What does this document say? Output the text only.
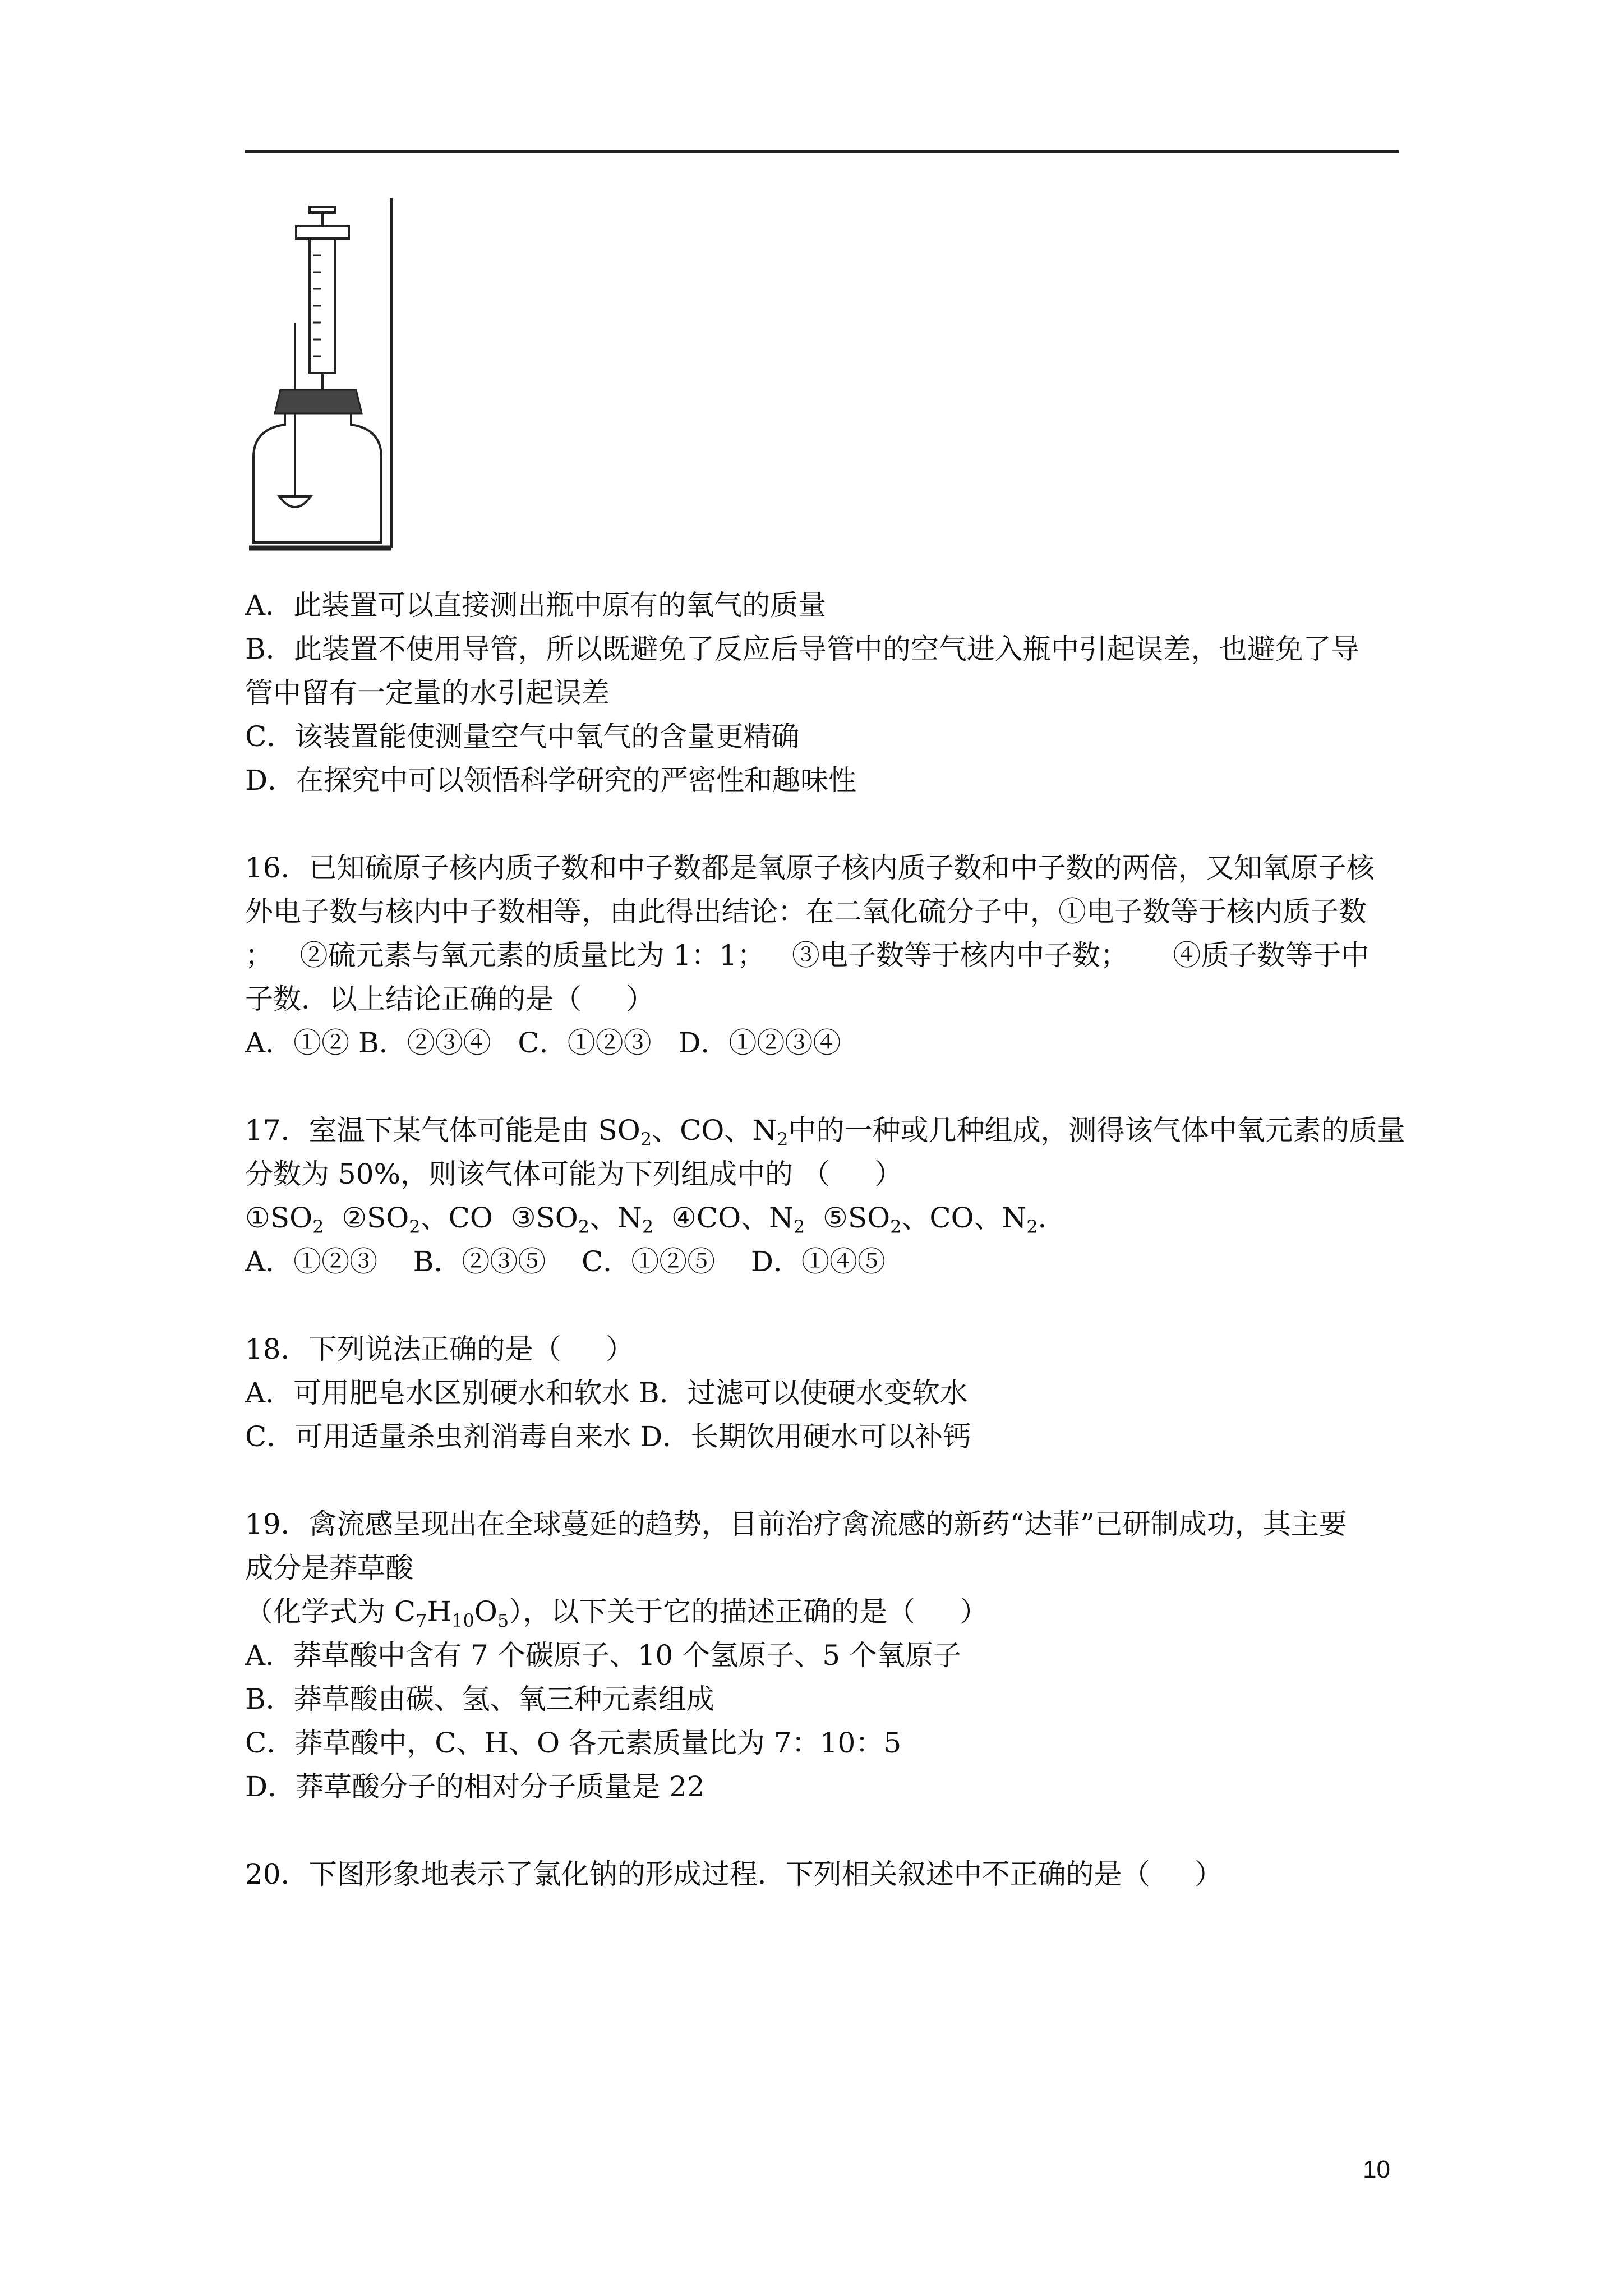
A．此装置可以直接测出瓶中原有的氧气的质量
B．此装置不使用导管，所以既避免了反应后导管中的空气进入瓶中引起误差，也避免了导
管中留有一定量的水引起误差
C．该装置能使测量空气中氧气的含量更精确
D．在探究中可以领悟科学研究的严密性和趣味性
16．已知硫原子核内质子数和中子数都是氧原子核内质子数和中子数的两倍，又知氧原子核
外电子数与核内中子数相等，由此得出结论：在二氧化硫分子中，①电子数等于核内质子数
；   ②硫元素与氧元素的质量比为 1：1；   ③电子数等于核内中子数；     ④质子数等于中
子数．以上结论正确的是（     ）
A．①② B．②③④   C．①②③   D．①②③④
17．室温下某气体可能是由 $SO_2$、CO、$N_2$中的一种或几种组成，测得该气体中氧元素的质量
分数为 50%，则该气体可能为下列组成中的 （     ）
$①SO_2$  $②SO_2$、CO  $③SO_2$、$N_2$  ④CO、$N_2$  $⑤SO_2$、CO、$N_2$．
A．①②③    B．②③⑤    C．①②⑤    D．①④⑤
18．下列说法正确的是（     ）
A．可用肥皂水区别硬水和软水 B．过滤可以使硬水变软水
C．可用适量杀虫剂消毒自来水 D．长期饮用硬水可以补钙
19．禽流感呈现出在全球蔓延的趋势，目前治疗禽流感的新药“达菲”已研制成功，其主要
成分是莽草酸
（化学式为 $C_7H_{10}O_5$），以下关于它的描述正确的是（     ）
A．莽草酸中含有 7 个碳原子、10 个氢原子、5 个氧原子
B．莽草酸由碳、氢、氧三种元素组成
C．莽草酸中，C、H、O 各元素质量比为 7：10：5
D．莽草酸分子的相对分子质量是 22
20．下图形象地表示了氯化钠的形成过程．下列相关叙述中不正确的是（     ）
10
